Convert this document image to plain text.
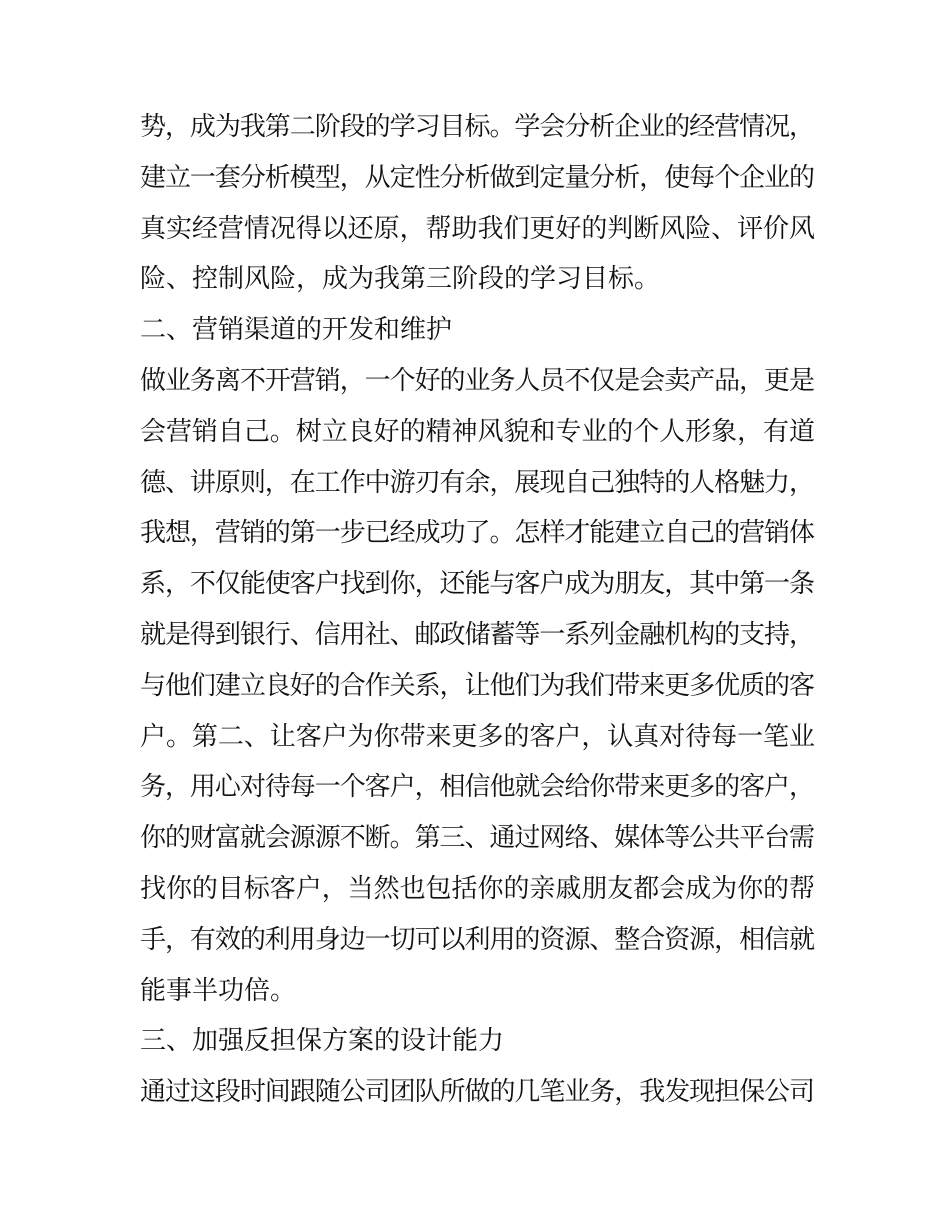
势，成为我第二阶段的学习目标。学会分析企业的经营情况，
建立一套分析模型，从定性分析做到定量分析，使每个企业的
真实经营情况得以还原，帮助我们更好的判断风险、评价风
险、控制风险，成为我第三阶段的学习目标。
二、营销渠道的开发和维护
做业务离不开营销，一个好的业务人员不仅是会卖产品，更是
会营销自己。树立良好的精神风貌和专业的个人形象，有道
德、讲原则，在工作中游刃有余，展现自己独特的人格魅力，
我想，营销的第一步已经成功了。怎样才能建立自己的营销体
系，不仅能使客户找到你，还能与客户成为朋友，其中第一条
就是得到银行、信用社、邮政储蓄等一系列金融机构的支持，
与他们建立良好的合作关系，让他们为我们带来更多优质的客
户。第二、让客户为你带来更多的客户，认真对待每一笔业
务，用心对待每一个客户，相信他就会给你带来更多的客户，
你的财富就会源源不断。第三、通过网络、媒体等公共平台需
找你的目标客户，当然也包括你的亲戚朋友都会成为你的帮
手，有效的利用身边一切可以利用的资源、整合资源，相信就
能事半功倍。
三、加强反担保方案的设计能力
通过这段时间跟随公司团队所做的几笔业务，我发现担保公司
